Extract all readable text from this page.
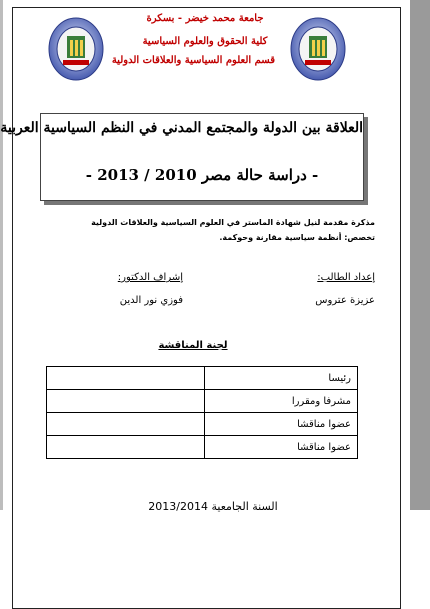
جامعة محمد خيضر - بسكرة
كلية الحقوق والعلوم السياسية
قسم العلوم السياسية والعلاقات الدولية
العلاقة بين الدولة والمجتمع المدني في النظم السياسية العربية
- دراسة حالة مصر 2010 / 2013 -
مذكرة مقدمة لنيل شهادة الماستر في العلوم السياسية والعلاقات الدولية
تخصص: أنظمة سياسية مقارنة وحوكمة.
إعداد الطالب:
عزيزة عتروس
إشراف الدكتور:
فوزي نور الدين
لجنة المناقشة
	رئيسا
	مشرفا ومقررا
	عضوا مناقشا
	عضوا مناقشا
السنة الجامعية 2013/2014
